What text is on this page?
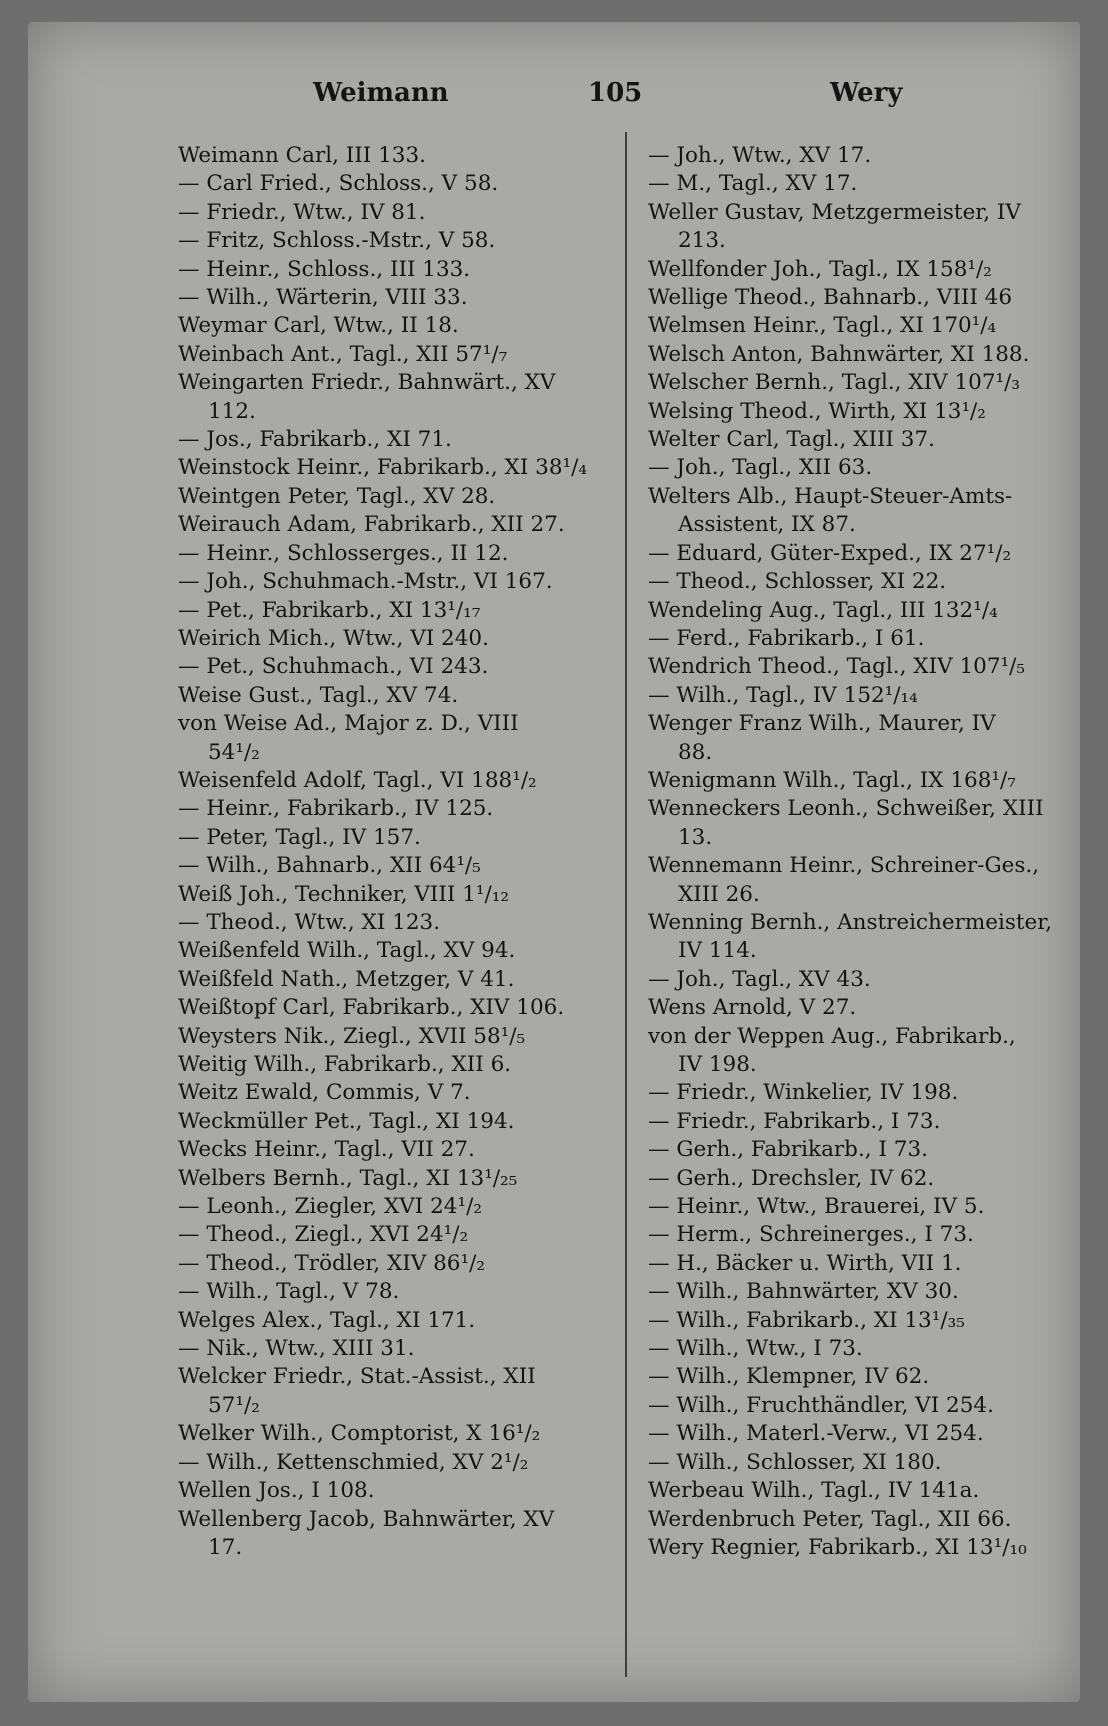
Weimann	105	Wery
Weimann Carl, III 133.
— Carl Fried., Schloss., V 58.
— Friedr., Wtw., IV 81.
— Fritz, Schloss.-Mstr., V 58.
— Heinr., Schloss., III 133.
— Wilh., Wärterin, VIII 33.
Weymar Carl, Wtw., II 18.
Weinbach Ant., Tagl., XII 57¹/₇
Weingarten Friedr., Bahnwärt., XV
112.
— Jos., Fabrikarb., XI 71.
Weinstock Heinr., Fabrikarb., XI 38¹/₄
Weintgen Peter, Tagl., XV 28.
Weirauch Adam, Fabrikarb., XII 27.
— Heinr., Schlosserges., II 12.
— Joh., Schuhmach.-Mstr., VI 167.
— Pet., Fabrikarb., XI 13¹/₁₇
Weirich Mich., Wtw., VI 240.
— Pet., Schuhmach., VI 243.
Weise Gust., Tagl., XV 74.
von Weise Ad., Major z. D., VIII
54¹/₂
Weisenfeld Adolf, Tagl., VI 188¹/₂
— Heinr., Fabrikarb., IV 125.
— Peter, Tagl., IV 157.
— Wilh., Bahnarb., XII 64¹/₅
Weiß Joh., Techniker, VIII 1¹/₁₂
— Theod., Wtw., XI 123.
Weißenfeld Wilh., Tagl., XV 94.
Weißfeld Nath., Metzger, V 41.
Weißtopf Carl, Fabrikarb., XIV 106.
Weysters Nik., Ziegl., XVII 58¹/₅
Weitig Wilh., Fabrikarb., XII 6.
Weitz Ewald, Commis, V 7.
Weckmüller Pet., Tagl., XI 194.
Wecks Heinr., Tagl., VII 27.
Welbers Bernh., Tagl., XI 13¹/₂₅
— Leonh., Ziegler, XVI 24¹/₂
— Theod., Ziegl., XVI 24¹/₂
— Theod., Trödler, XIV 86¹/₂
— Wilh., Tagl., V 78.
Welges Alex., Tagl., XI 171.
— Nik., Wtw., XIII 31.
Welcker Friedr., Stat.-Assist., XII
57¹/₂
Welker Wilh., Comptorist, X 16¹/₂
— Wilh., Kettenschmied, XV 2¹/₂
Wellen Jos., I 108.
Wellenberg Jacob, Bahnwärter, XV
17.
— Joh., Wtw., XV 17.
— M., Tagl., XV 17.
Weller Gustav, Metzgermeister, IV
213.
Wellfonder Joh., Tagl., IX 158¹/₂
Wellige Theod., Bahnarb., VIII 46
Welmsen Heinr., Tagl., XI 170¹/₄
Welsch Anton, Bahnwärter, XI 188.
Welscher Bernh., Tagl., XIV 107¹/₃
Welsing Theod., Wirth, XI 13¹/₂
Welter Carl, Tagl., XIII 37.
— Joh., Tagl., XII 63.
Welters Alb., Haupt-Steuer-Amts-
Assistent, IX 87.
— Eduard, Güter-Exped., IX 27¹/₂
— Theod., Schlosser, XI 22.
Wendeling Aug., Tagl., III 132¹/₄
— Ferd., Fabrikarb., I 61.
Wendrich Theod., Tagl., XIV 107¹/₅
— Wilh., Tagl., IV 152¹/₁₄
Wenger Franz Wilh., Maurer, IV
88.
Wenigmann Wilh., Tagl., IX 168¹/₇
Wenneckers Leonh., Schweißer, XIII
13.
Wennemann Heinr., Schreiner-Ges.,
XIII 26.
Wenning Bernh., Anstreichermeister,
IV 114.
— Joh., Tagl., XV 43.
Wens Arnold, V 27.
von der Weppen Aug., Fabrikarb.,
IV 198.
— Friedr., Winkelier, IV 198.
— Friedr., Fabrikarb., I 73.
— Gerh., Fabrikarb., I 73.
— Gerh., Drechsler, IV 62.
— Heinr., Wtw., Brauerei, IV 5.
— Herm., Schreinerges., I 73.
— H., Bäcker u. Wirth, VII 1.
— Wilh., Bahnwärter, XV 30.
— Wilh., Fabrikarb., XI 13¹/₃₅
— Wilh., Wtw., I 73.
— Wilh., Klempner, IV 62.
— Wilh., Fruchthändler, VI 254.
— Wilh., Materl.-Verw., VI 254.
— Wilh., Schlosser, XI 180.
Werbeau Wilh., Tagl., IV 141a.
Werdenbruch Peter, Tagl., XII 66.
Wery Regnier, Fabrikarb., XI 13¹/₁₀
